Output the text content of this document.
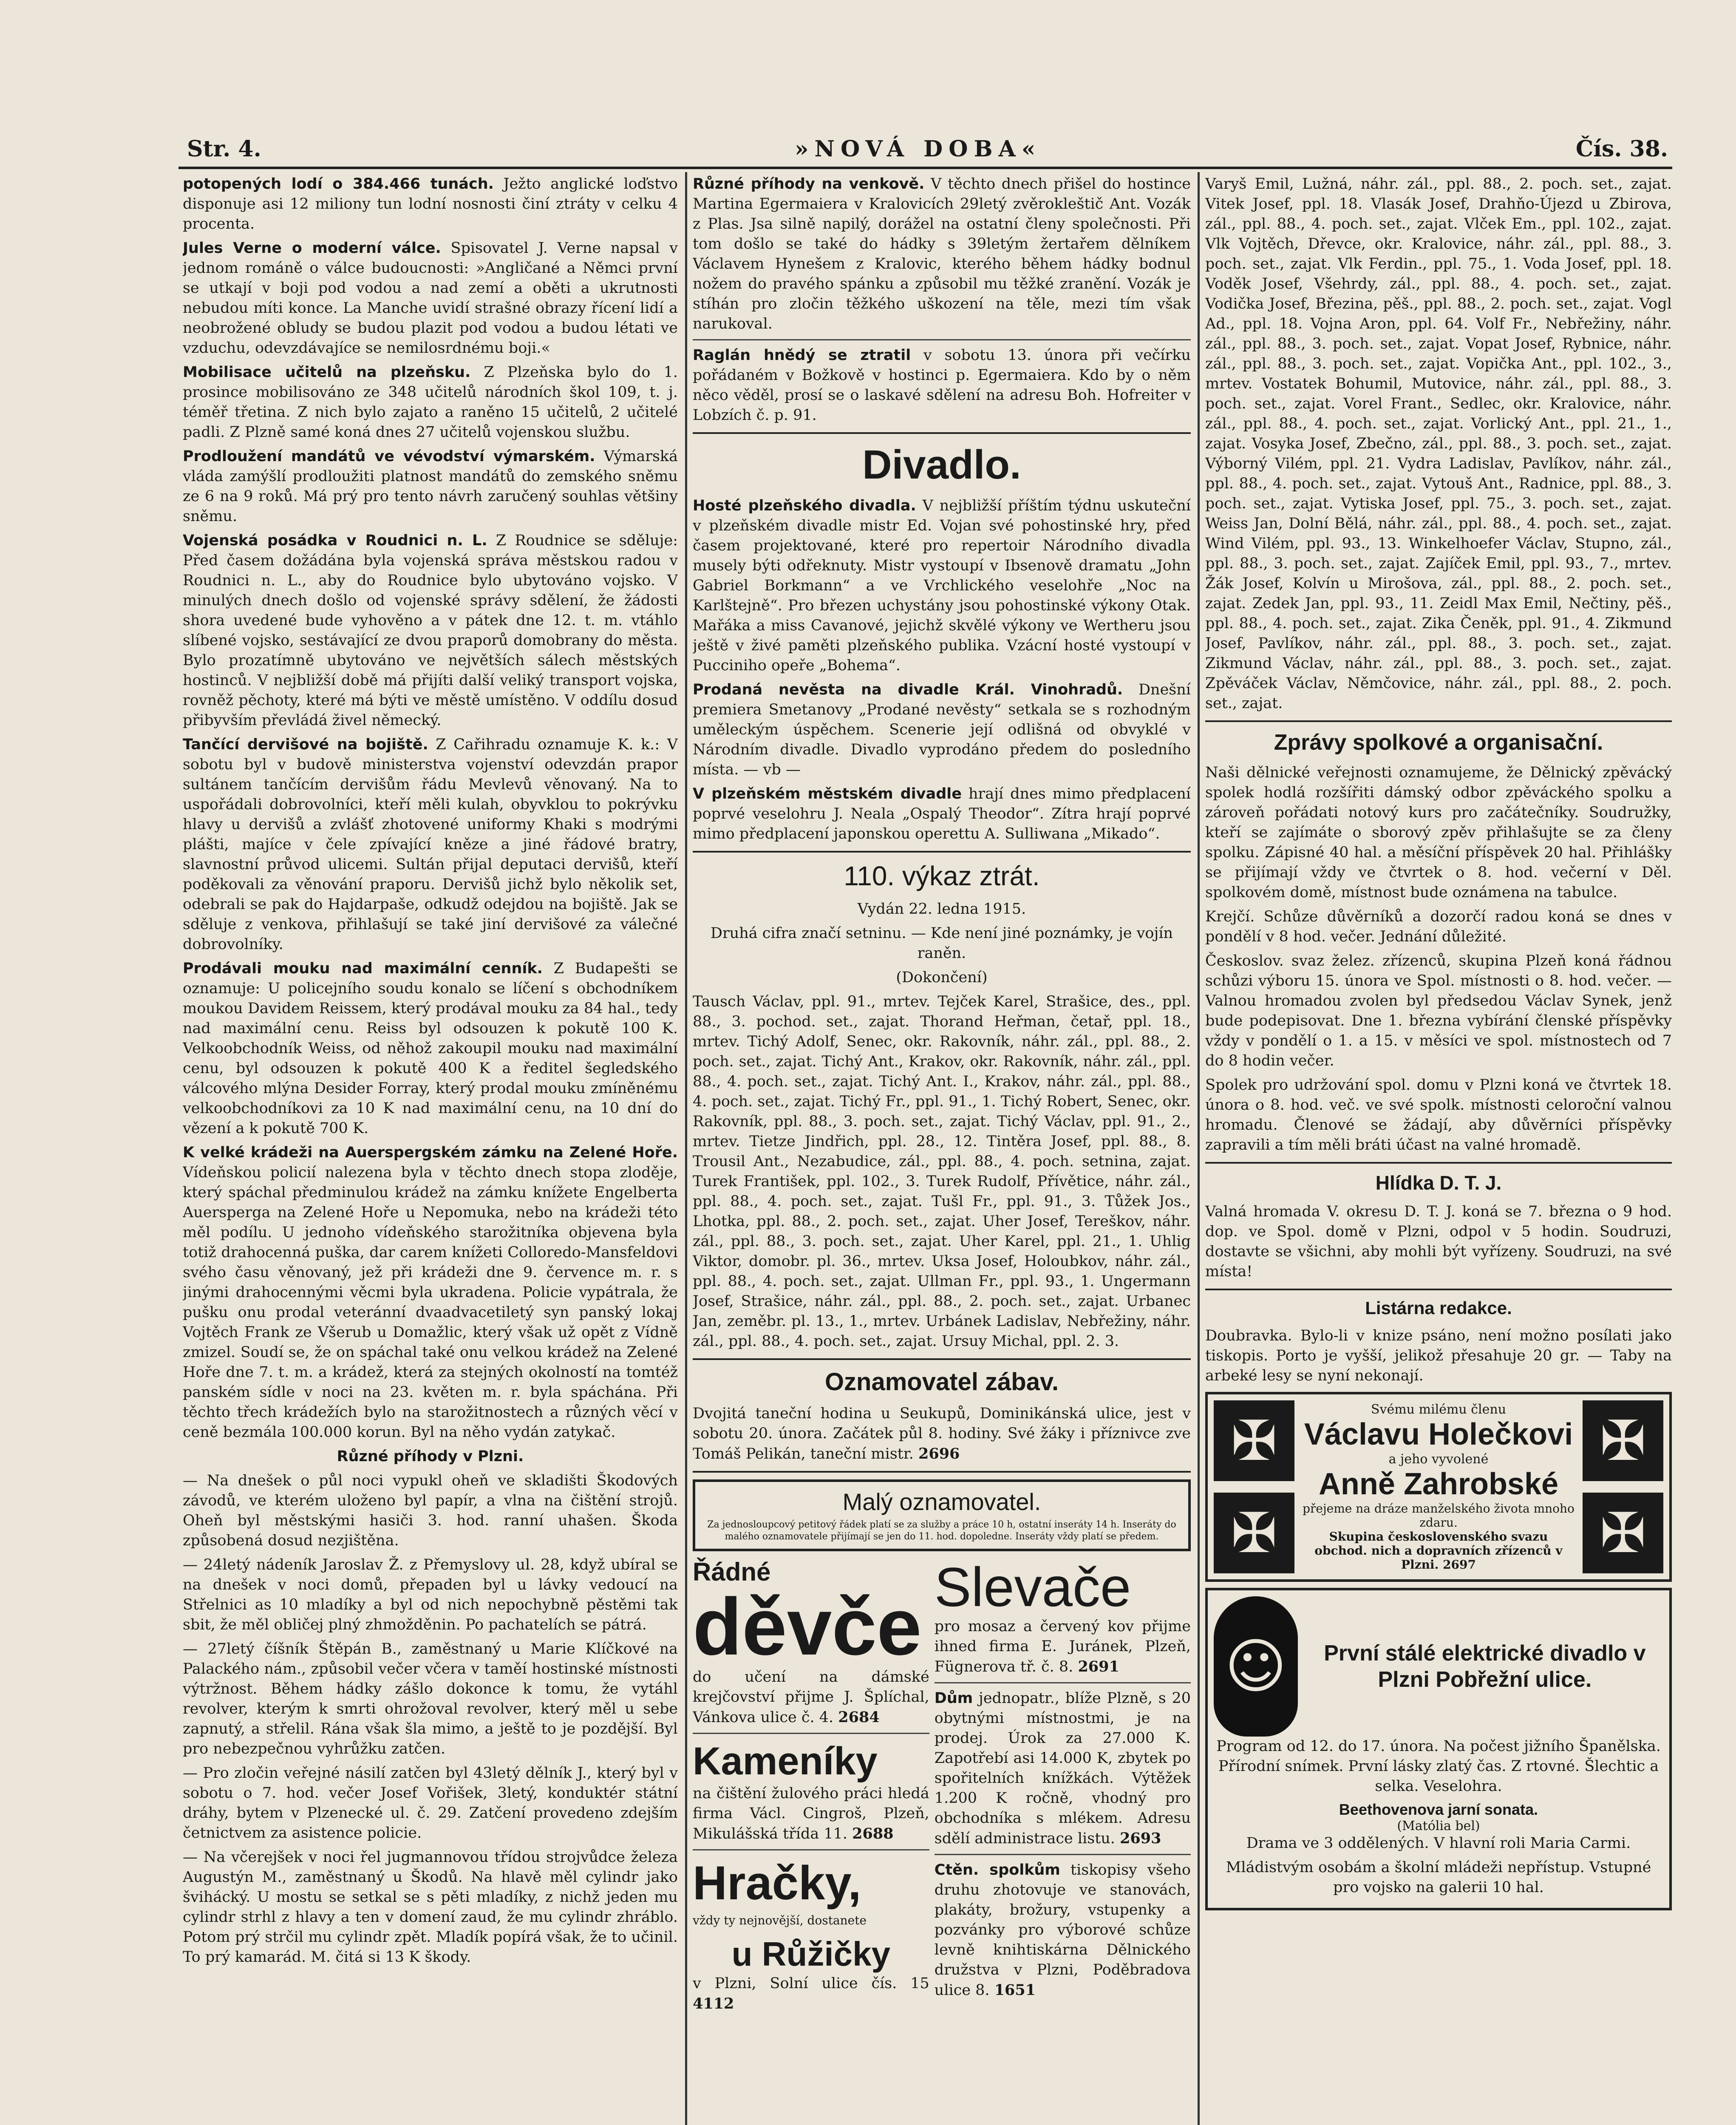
Str. 4.	»NOVÁ DOBA«	Čís. 38.

potopených lodí o 384.466 tunách. Ježto anglické loďstvo disponuje asi 12 miliony tun lodní nosnosti činí ztráty v celku 4 procenta.

Jules Verne o moderní válce. Spisovatel J. Verne napsal v jednom románě o válce budoucnosti: »Angličané a Němci první se utkají v boji pod vodou a nad zemí a oběti a ukrutnosti nebudou míti konce. La Manche uvidí strašné obrazy řícení lidí a neobrožené obludy se budou plazit pod vodou a budou létati ve vzduchu, odevzdávajíce se nemilosrdnému boji.«

Mobilisace učitelů na plzeňsku. Z Plzeňska bylo do 1. prosince mobilisováno ze 348 učitelů národních škol 109, t. j. téměř třetina. Z nich bylo zajato a raněno 15 učitelů, 2 učitelé padli. Z Plzně samé koná dnes 27 učitelů vojenskou službu.

Prodloužení mandátů ve vévodství výmarském. Výmarská vláda zamýšlí prodloužiti platnost mandátů do zemského sněmu ze 6 na 9 roků. Má prý pro tento návrh zaručený souhlas většiny sněmu.

Vojenská posádka v Roudnici n. L. Z Roudnice se sděluje: Před časem dožádána byla vojenská správa městskou radou v Roudnici n. L., aby do Roudnice bylo ubytováno vojsko. V minulých dnech došlo od vojenské správy sdělení, že žádosti shora uvedené bude vyhověno a v pátek dne 12. t. m. vtáhlo slíbené vojsko, sestávající ze dvou praporů domobrany do města. Bylo prozatímně ubytováno ve největších sálech městských hostinců. V nejbližší době má přijíti další veliký transport vojska, rovněž pěchoty, které má býti ve městě umístěno. V oddílu dosud přibyvším převládá živel německý.

Tančící dervišové na bojiště. Z Cařihradu oznamuje K. k.: V sobotu byl v budově ministerstva vojenství odevzdán prapor sultánem tančícím dervišům řádu Mevlevů věnovaný. Na to uspořádali dobrovolníci, kteří měli kulah, obyvklou to pokrývku hlavy u dervišů a zvlášť zhotovené uniformy Khaki s modrými plášti, majíce v čele zpívající kněze a jiné řádové bratry, slavnostní průvod ulicemi. Sultán přijal deputaci dervišů, kteří poděkovali za věnování praporu. Dervišů jichž bylo několik set, odebrali se pak do Hajdarpaše, odkudž odejdou na bojiště. Jak se sděluje z venkova, přihlašují se také jiní dervišové za válečné dobrovolníky.

Prodávali mouku nad maximální cenník. Z Budapešti se oznamuje: U policejního soudu konalo se líčení s obchodníkem moukou Davidem Reissem, který prodával mouku za 84 hal., tedy nad maximální cenu. Reiss byl odsouzen k pokutě 100 K. Velkoobchodník Weiss, od něhož zakoupil mouku nad maximální cenu, byl odsouzen k pokutě 400 K a ředitel šegledského válcového mlýna Desider Forray, který prodal mouku zmíněnému velkoobchodníkovi za 10 K nad maximální cenu, na 10 dní do vězení a k pokutě 700 K.

K velké krádeži na Auerspergském zámku na Zelené Hoře. Vídeňskou policií nalezena byla v těchto dnech stopa zloděje, který spáchal předminulou krádež na zámku knížete Engelberta Auersperga na Zelené Hoře u Nepomuka, nebo na krádeži této měl podílu. U jednoho vídeňského starožitníka objevena byla totiž drahocenná puška, dar carem knížeti Colloredo-Mansfeldovi svého času věnovaný, jež při krádeži dne 9. července m. r. s jinými drahocennými věcmi byla ukradena. Policie vypátrala, že pušku onu prodal veteránní dvaadvacetiletý syn panský lokaj Vojtěch Frank ze Všerub u Domažlic, který však už opět z Vídně zmizel. Soudí se, že on spáchal také onu velkou krádež na Zelené Hoře dne 7. t. m. a krádež, která za stejných okolností na tomtéž panském sídle v noci na 23. květen m. r. byla spáchána. Při těchto třech krádežích bylo na starožitnostech a různých věcí v ceně bezmála 100.000 korun. Byl na něho vydán zatykač.

Různé příhody v Plzni.

— Na dnešek o půl noci vypukl oheň ve skladišti Škodových závodů, ve kterém uloženo byl papír, a vlna na čištění strojů. Oheň byl městskými hasiči 3. hod. ranní uhašen. Škoda způsobená dosud nezjištěna.

— 24letý nádeník Jaroslav Ž. z Přemyslovy ul. 28, když ubíral se na dnešek v noci domů, přepaden byl u lávky vedoucí na Střelnici as 10 mladíky a byl od nich nepochybně pěstěmi tak sbit, že měl obličej plný zhmožděnin. Po pachatelích se pátrá.

— 27letý číšník Štěpán B., zaměstnaný u Marie Klíčkové na Palackého nám., způsobil večer včera v taměí hostinské místnosti výtržnost. Během hádky zášlo dokonce k tomu, že vytáhl revolver, kterým k smrti ohrožoval revolver, který měl u sebe zapnutý, a střelil. Rána však šla mimo, a ještě to je pozdější. Byl pro nebezpečnou vyhrůžku zatčen.

— Pro zločin veřejné násilí zatčen byl 43letý dělník J., který byl v sobotu o 7. hod. večer Josef Vořišek, 3letý, konduktér státní dráhy, bytem v Plzenecké ul. č. 29. Zatčení provedeno zdejším četnictvem za asistence policie.

— Na včerejšek v noci řel jugmannovou třídou strojvůdce železa Augustýn M., zaměstnaný u Škodů. Na hlavě měl cylindr jako švihácký. U mostu se setkal se s pěti mladíky, z nichž jeden mu cylindr strhl z hlavy a ten v domení zaud, že mu cylindr zhráblo. Potom prý strčil mu cylindr zpět. Mladík popírá však, že to učinil. To prý kamarád. M. čitá si 13 K škody.

Různé příhody na venkově. V těchto dnech přišel do hostince Martina Egermaiera v Kralovicích 29letý zvěrokleštič Ant. Vozák z Plas. Jsa silně napilý, dorážel na ostatní členy společnosti. Při tom došlo se také do hádky s 39letým žertařem dělníkem Václavem Hynešem z Kralovic, kterého během hádky bodnul nožem do pravého spánku a způsobil mu těžké zranění. Vozák je stíhán pro zločin těžkého uškození na těle, mezi tím však narukoval.

Raglán hnědý se ztratil v sobotu 13. února při večírku pořádaném v Božkově v hostinci p. Egermaiera. Kdo by o něm něco věděl, prosí se o laskavé sdělení na adresu Boh. Hofreiter v Lobzích č. p. 91.

Divadlo.

Hosté plzeňského divadla. V nejbližší příštím týdnu uskuteční v plzeňském divadle mistr Ed. Vojan své pohostinské hry, před časem projektované, které pro repertoir Národního divadla musely býti odřeknuty. Mistr vystoupí v Ibsenově dramatu „John Gabriel Borkmann“ a ve Vrchlického veselohře „Noc na Karlštejně“. Pro březen uchystány jsou pohostinské výkony Otak. Mařáka a miss Cavanové, jejichž skvělé výkony ve Wertheru jsou ještě v živé paměti plzeňského publika. Vzácní hosté vystoupí v Pucciniho opeře „Bohema“.

Prodaná nevěsta na divadle Král. Vinohradů. Dnešní premiera Smetanovy „Prodané nevěsty“ setkala se s rozhodným uměleckým úspěchem. Scenerie její odlišná od obvyklé v Národním divadle. Divadlo vyprodáno předem do posledního místa. — vb —

V plzeňském městském divadle hrají dnes mimo předplacení poprvé veselohru J. Neala „Ospalý Theodor“. Zítra hrají poprvé mimo předplacení japonskou operettu A. Sulliwana „Mikado“.

110. výkaz ztrát.

Vydán 22. ledna 1915.

Druhá cifra značí setninu. — Kde není jiné poznámky, je vojín raněn.

(Dokončení)

Tausch Václav, ppl. 91., mrtev. Tejček Karel, Strašice, des., ppl. 88., 3. pochod. set., zajat. Thorand Heřman, četař, ppl. 18., mrtev. Tichý Adolf, Senec, okr. Rakovník, náhr. zál., ppl. 88., 2. poch. set., zajat. Tichý Ant., Krakov, okr. Rakovník, náhr. zál., ppl. 88., 4. poch. set., zajat. Tichý Ant. I., Krakov, náhr. zál., ppl. 88., 4. poch. set., zajat. Tichý Fr., ppl. 91., 1. Tichý Robert, Senec, okr. Rakovník, ppl. 88., 3. poch. set., zajat. Tichý Václav, ppl. 91., 2., mrtev. Tietze Jindřich, ppl. 28., 12. Tintěra Josef, ppl. 88., 8. Trousil Ant., Nezabudice, zál., ppl. 88., 4. poch. setnina, zajat. Turek František, ppl. 102., 3. Turek Rudolf, Přívětice, náhr. zál., ppl. 88., 4. poch. set., zajat. Tušl Fr., ppl. 91., 3. Tůžek Jos., Lhotka, ppl. 88., 2. poch. set., zajat. Uher Josef, Tereškov, náhr. zál., ppl. 88., 3. poch. set., zajat. Uher Karel, ppl. 21., 1. Uhlig Viktor, domobr. pl. 36., mrtev. Uksa Josef, Holoubkov, náhr. zál., ppl. 88., 4. poch. set., zajat. Ullman Fr., ppl. 93., 1. Ungermann Josef, Strašice, náhr. zál., ppl. 88., 2. poch. set., zajat. Urbanec Jan, zeměbr. pl. 13., 1., mrtev. Urbánek Ladislav, Nebřežiny, náhr. zál., ppl. 88., 4. poch. set., zajat. Ursuy Michal, ppl. 2. 3.

Oznamovatel zábav.

Dvojitá taneční hodina u Seukupů, Dominikánská ulice, jest v sobotu 20. února. Začátek půl 8. hodiny. Své žáky i příznivce zve Tomáš Pelikán, taneční mistr. 2696

Malý oznamovatel.
Za jednosloupcový petitový řádek platí se za služby a práce 10 h, ostatní inseráty 14 h. Inseráty do malého oznamovatele přijímají se jen do 11. hod. dopoledne. Inseráty vždy platí se předem.
Řádné
děvče

do učení na dámské krejčovství přijme J. Šplíchal, Vánkova ulice č. 4. 2684

Kameníky

na čištění žulového práci hledá firma Václ. Cingroš, Plzeň, Mikulášská třída 11. 2688

Hračky,

vždy ty nejnovější, dostanete

u Růžičky

v Plzni, Solní ulice čís. 15 4112

Slevače

pro mosaz a červený kov přijme ihned firma E. Juránek, Plzeň, Fügnerova tř. č. 8. 2691

Dům jednopatr., blíže Plzně, s 20 obytnými místnostmi, je na prodej. Úrok za 27.000 K. Zapotřebí asi 14.000 K, zbytek po spořitelních knížkách. Výtěžek 1.200 K ročně, vhodný pro obchodníka s mlékem. Adresu sdělí administrace listu. 2693

Ctěn. spolkům tiskopisy všeho druhu zhotovuje ve stanovách, plakáty, brožury, vstupenky a pozvánky pro výborové schůze levně knihtiskárna Dělnického družstva v Plzni, Poděbradova ulice 8. 1651

Varyš Emil, Lužná, náhr. zál., ppl. 88., 2. poch. set., zajat. Vitek Josef, ppl. 18. Vlasák Josef, Drahňo-Újezd u Zbirova, zál., ppl. 88., 4. poch. set., zajat. Vlček Em., ppl. 102., zajat. Vlk Vojtěch, Dřevce, okr. Kralovice, náhr. zál., ppl. 88., 3. poch. set., zajat. Vlk Ferdin., ppl. 75., 1. Voda Josef, ppl. 18. Voděk Josef, Všehrdy, zál., ppl. 88., 4. poch. set., zajat. Vodička Josef, Březina, pěš., ppl. 88., 2. poch. set., zajat. Vogl Ad., ppl. 18. Vojna Aron, ppl. 64. Volf Fr., Nebřežiny, náhr. zál., ppl. 88., 3. poch. set., zajat. Vopat Josef, Rybnice, náhr. zál., ppl. 88., 3. poch. set., zajat. Vopička Ant., ppl. 102., 3., mrtev. Vostatek Bohumil, Mutovice, náhr. zál., ppl. 88., 3. poch. set., zajat. Vorel Frant., Sedlec, okr. Kralovice, náhr. zál., ppl. 88., 4. poch. set., zajat. Vorlický Ant., ppl. 21., 1., zajat. Vosyka Josef, Zbečno, zál., ppl. 88., 3. poch. set., zajat. Výborný Vilém, ppl. 21. Vydra Ladislav, Pavlíkov, náhr. zál., ppl. 88., 4. poch. set., zajat. Vytouš Ant., Radnice, ppl. 88., 3. poch. set., zajat. Vytiska Josef, ppl. 75., 3. poch. set., zajat. Weiss Jan, Dolní Bělá, náhr. zál., ppl. 88., 4. poch. set., zajat. Wind Vilém, ppl. 93., 13. Winkelhoefer Václav, Stupno, zál., ppl. 88., 3. poch. set., zajat. Zajíček Emil, ppl. 93., 7., mrtev. Žák Josef, Kolvín u Mirošova, zál., ppl. 88., 2. poch. set., zajat. Zedek Jan, ppl. 93., 11. Zeidl Max Emil, Nečtiny, pěš., ppl. 88., 4. poch. set., zajat. Zika Čeněk, ppl. 91., 4. Zikmund Josef, Pavlíkov, náhr. zál., ppl. 88., 3. poch. set., zajat. Zikmund Václav, náhr. zál., ppl. 88., 3. poch. set., zajat. Zpěváček Václav, Němčovice, náhr. zál., ppl. 88., 2. poch. set., zajat.

Zprávy spolkové a organisační.

Naši dělnické veřejnosti oznamujeme, že Dělnický zpěvácký spolek hodlá rozšířiti dámský odbor zpěváckého spolku a zároveň pořádati notový kurs pro začátečníky. Soudružky, kteří se zajímáte o sborový zpěv přihlašujte se za členy spolku. Zápisné 40 hal. a měsíční příspěvek 20 hal. Přihlášky se přijímají vždy ve čtvrtek o 8. hod. večerní v Děl. spolkovém domě, místnost bude oznámena na tabulce.

Krejčí. Schůze důvěrníků a dozorčí radou koná se dnes v pondělí v 8 hod. večer. Jednání důležité.

Českoslov. svaz želez. zřízenců, skupina Plzeň koná řádnou schůzi výboru 15. února ve Spol. místnosti o 8. hod. večer. — Valnou hromadou zvolen byl předsedou Václav Synek, jenž bude podepisovat. Dne 1. března vybírání členské příspěvky vždy v pondělí o 1. a 15. v měsíci ve spol. místnostech od 7 do 8 hodin večer.

Spolek pro udržování spol. domu v Plzni koná ve čtvrtek 18. února o 8. hod. več. ve své spolk. místnosti celoroční valnou hromadu. Členové se žádají, aby důvěrníci příspěvky zapravili a tím měli bráti účast na valné hromadě.

Hlídka D. T. J.

Valná hromada V. okresu D. T. J. koná se 7. března o 9 hod. dop. ve Spol. domě v Plzni, odpol v 5 hodin. Soudruzi, dostavte se všichni, aby mohli být vyřízeny. Soudruzi, na své místa!

Listárna redakce.

Doubravka. Bylo-li v knize psáno, není možno posílati jako tiskopis. Porto je vyšší, jelikož přesahuje 20 gr. — Taby na arbeké lesy se nyní nekonají.

✠	✠
✠	✠
Svému milému členu
Václavu Holečkovi
a jeho vyvolené
Anně Zahrobské
přejeme na dráze manželského života mnoho zdaru.
Skupina československého svazu obchod. nich a dopravních zřízenců v Plzni. 2697
☺	První stálé elektrické divadlo v Plzni Pobřežní ulice.

Program od 12. do 17. února. Na počest jižního Španělska. Přírodní snímek. První lásky zlatý čas. Z rtovné. Šlechtic a selka. Veselohra.

Beethovenova jarní sonata.
(Matólia bel)

Drama ve 3 oddělených. V hlavní roli Maria Carmi.

Mládistvým osobám a školní mládeži nepřístup. Vstupné pro vojsko na galerii 10 hal.
